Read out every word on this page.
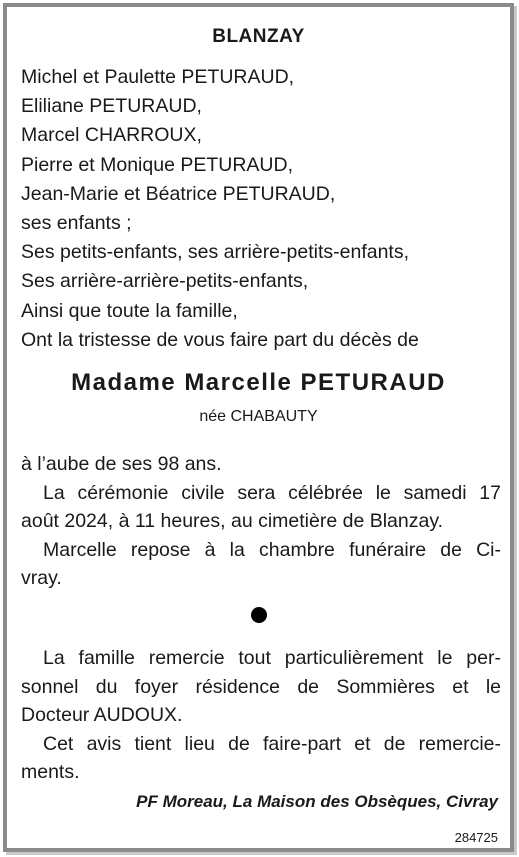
BLANZAY
Michel et Paulette PETURAUD,
Eliliane PETURAUD,
Marcel CHARROUX,
Pierre et Monique PETURAUD,
Jean-Marie et Béatrice PETURAUD,
ses enfants ;
Ses petits-enfants, ses arrière-petits-enfants,
Ses arrière-arrière-petits-enfants,
Ainsi que toute la famille,
Ont la tristesse de vous faire part du décès de
Madame Marcelle PETURAUD
née CHABAUTY

à l’aube de ses 98 ans.

La cérémonie civile sera célébrée le samedi 17

août 2024, à 11 heures, au cimetière de Blanzay.

Marcelle repose à la chambre funéraire de Ci-

vray.

La famille remercie tout particulièrement le per-

sonnel du foyer résidence de Sommières et le

Docteur AUDOUX.

Cet avis tient lieu de faire-part et de remercie-

ments.

PF Moreau, La Maison des Obsèques, Civray
284725
